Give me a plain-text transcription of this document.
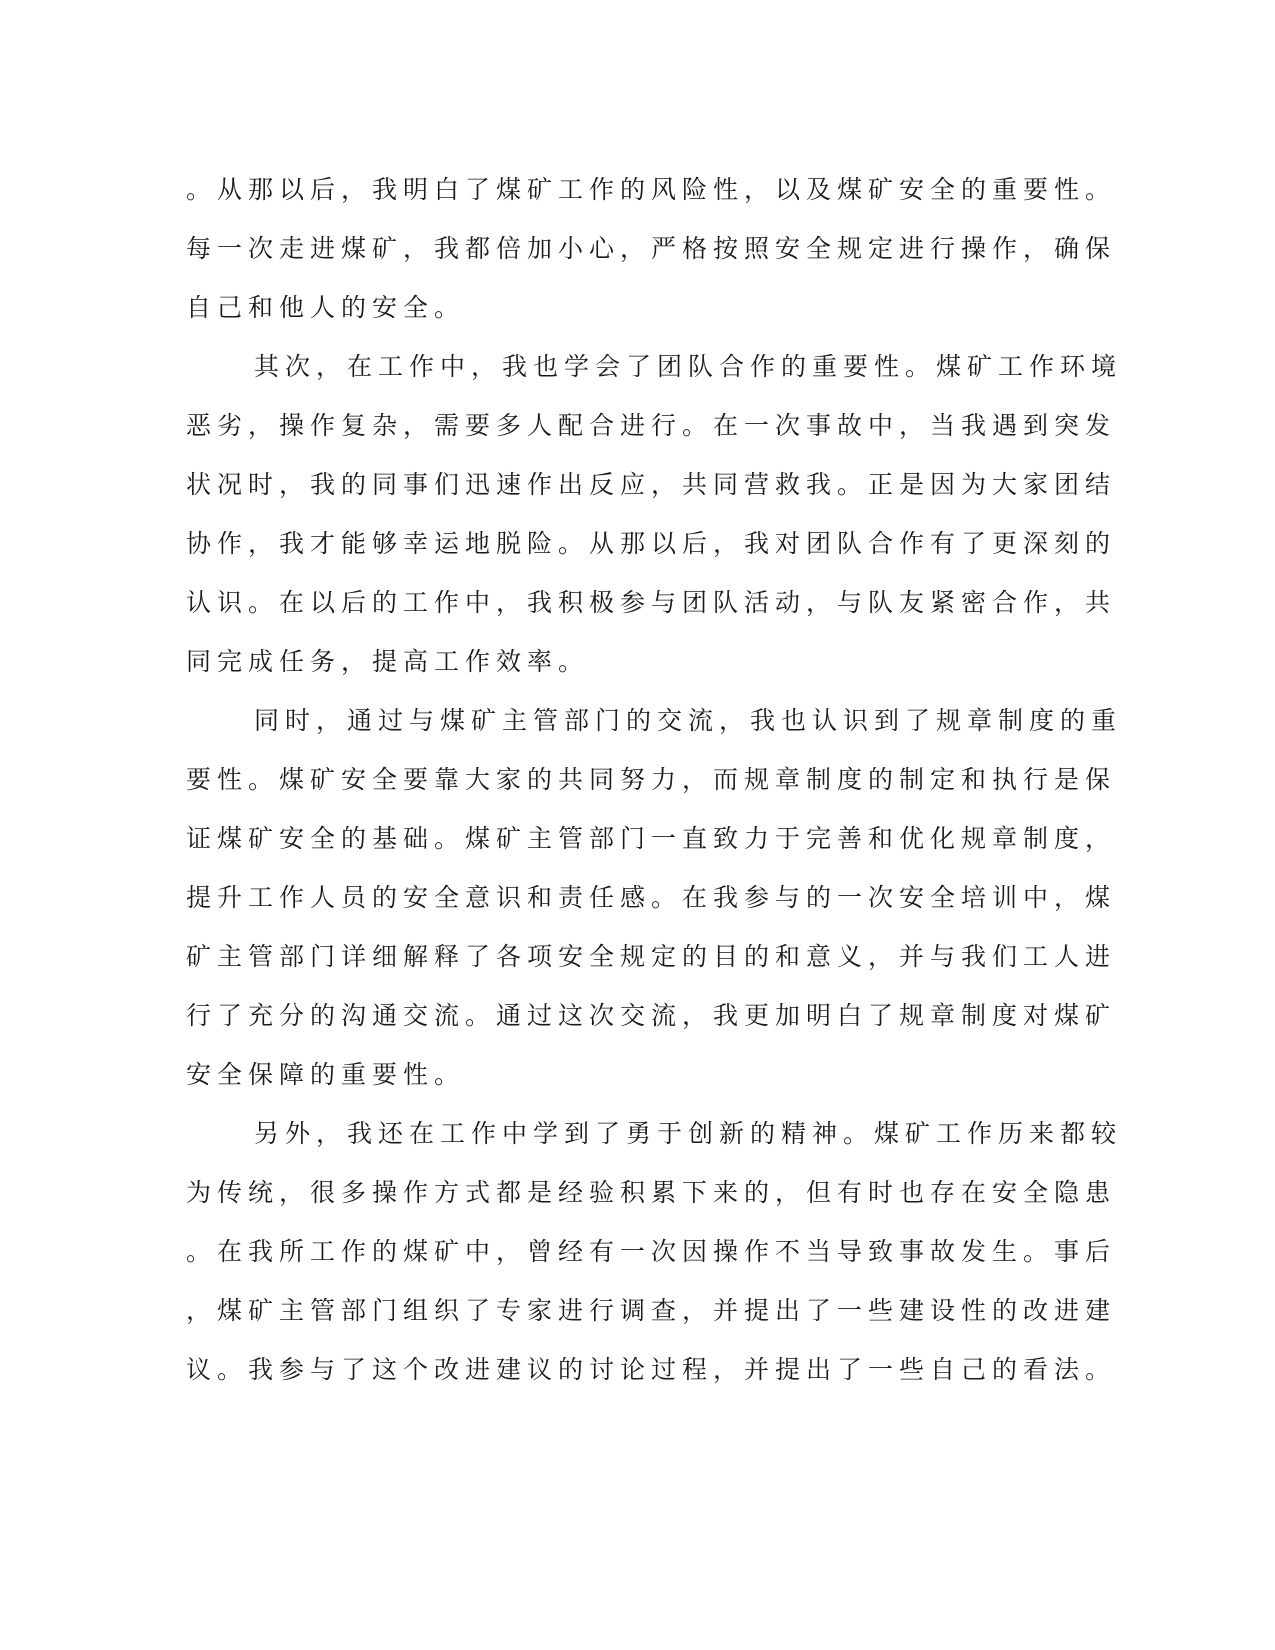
。从那以后，我明白了煤矿工作的风险性，以及煤矿安全的重要性。
每一次走进煤矿，我都倍加小心，严格按照安全规定进行操作，确保
自己和他人的安全。
其次，在工作中，我也学会了团队合作的重要性。煤矿工作环境
恶劣，操作复杂，需要多人配合进行。在一次事故中，当我遇到突发
状况时，我的同事们迅速作出反应，共同营救我。正是因为大家团结
协作，我才能够幸运地脱险。从那以后，我对团队合作有了更深刻的
认识。在以后的工作中，我积极参与团队活动，与队友紧密合作，共
同完成任务，提高工作效率。
同时，通过与煤矿主管部门的交流，我也认识到了规章制度的重
要性。煤矿安全要靠大家的共同努力，而规章制度的制定和执行是保
证煤矿安全的基础。煤矿主管部门一直致力于完善和优化规章制度，
提升工作人员的安全意识和责任感。在我参与的一次安全培训中，煤
矿主管部门详细解释了各项安全规定的目的和意义，并与我们工人进
行了充分的沟通交流。通过这次交流，我更加明白了规章制度对煤矿
安全保障的重要性。
另外，我还在工作中学到了勇于创新的精神。煤矿工作历来都较
为传统，很多操作方式都是经验积累下来的，但有时也存在安全隐患
。在我所工作的煤矿中，曾经有一次因操作不当导致事故发生。事后
，煤矿主管部门组织了专家进行调查，并提出了一些建设性的改进建
议。我参与了这个改进建议的讨论过程，并提出了一些自己的看法。
